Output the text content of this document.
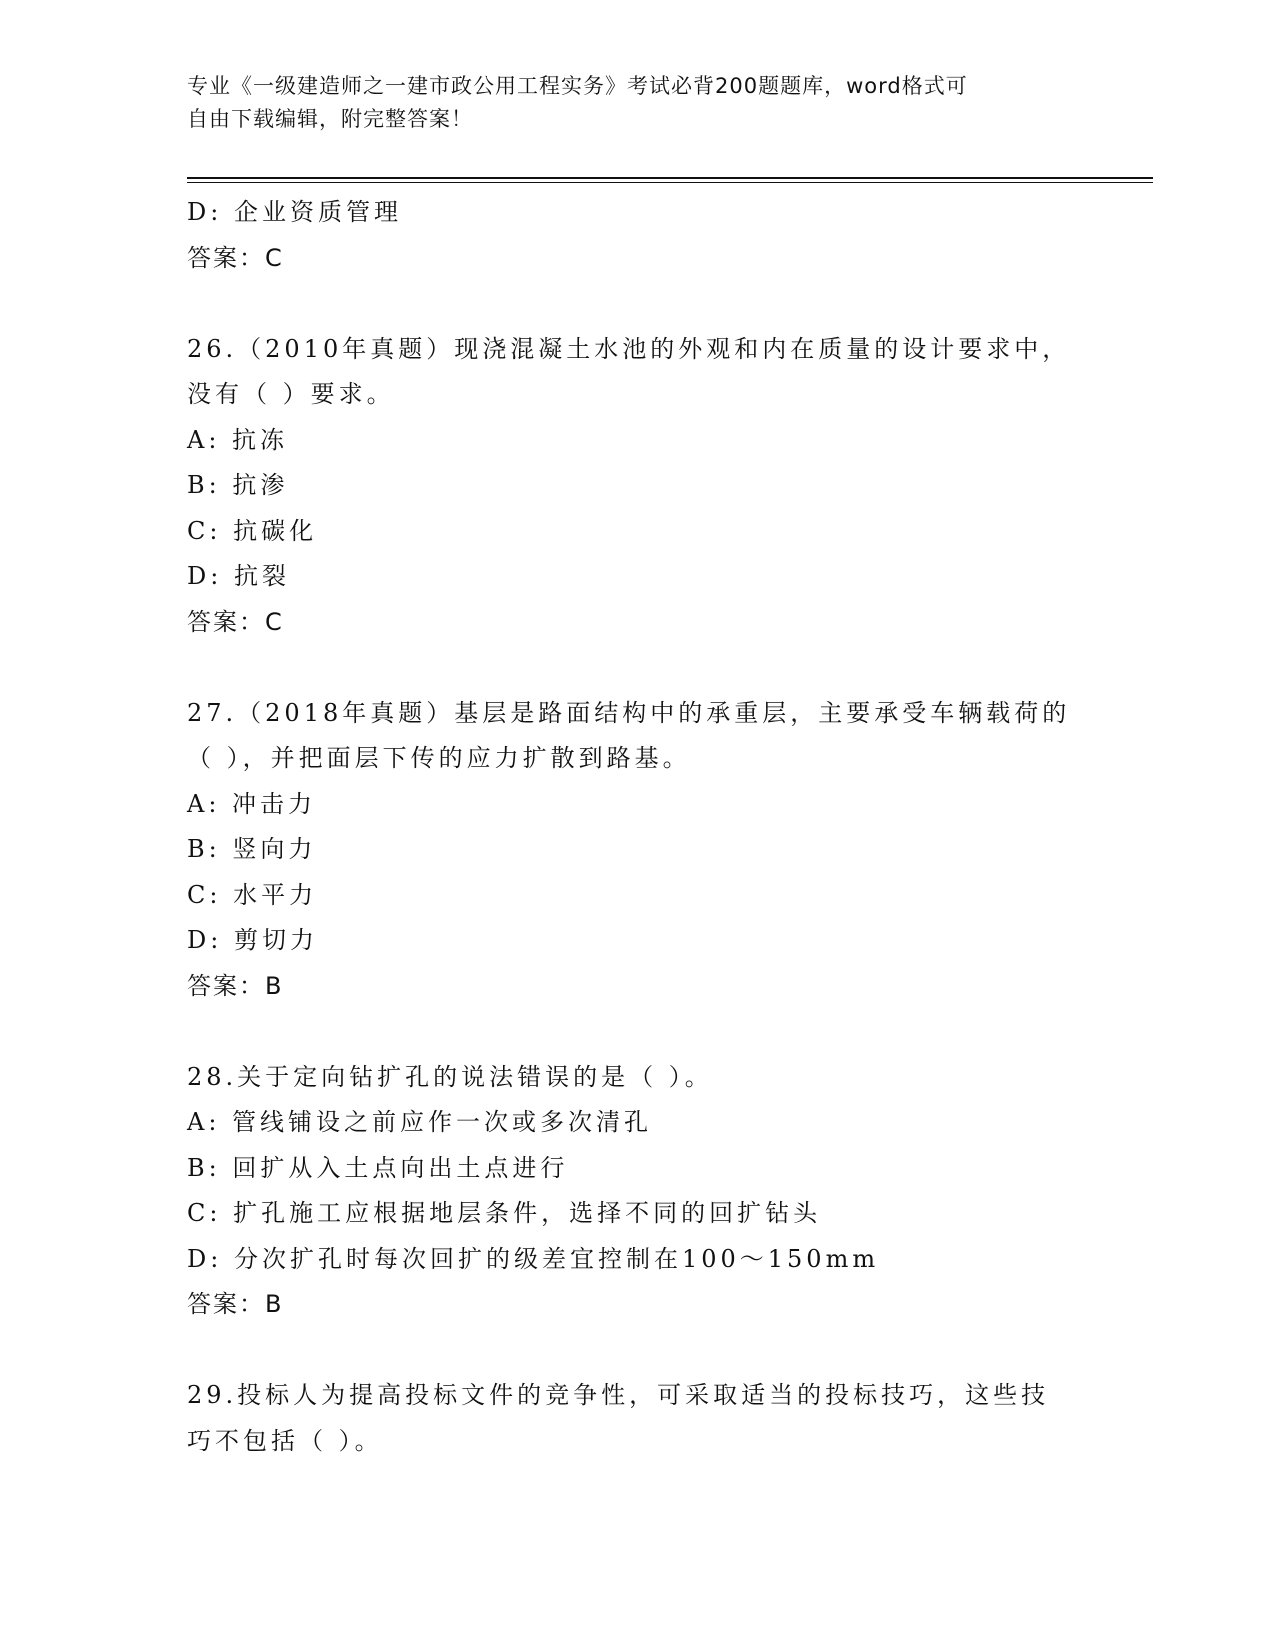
专业《一级建造师之一建市政公用工程实务》考试必背200题题库，word格式可
自由下载编辑，附完整答案！
D: 企业资质管理
答案：C
26.（2010年真题）现浇混凝土水池的外观和内在质量的设计要求中，
没有（ ）要求。
A: 抗冻
B: 抗渗
C: 抗碳化
D: 抗裂
答案：C
27.（2018年真题）基层是路面结构中的承重层，主要承受车辆载荷的
（ ），并把面层下传的应力扩散到路基。
A: 冲击力
B: 竖向力
C: 水平力
D: 剪切力
答案：B
28.关于定向钻扩孔的说法错误的是（ ）。
A: 管线铺设之前应作一次或多次清孔
B: 回扩从入土点向出土点进行
C: 扩孔施工应根据地层条件，选择不同的回扩钻头
D: 分次扩孔时每次回扩的级差宜控制在100～150mm
答案：B
29.投标人为提高投标文件的竞争性，可采取适当的投标技巧，这些技
巧不包括（ ）。
